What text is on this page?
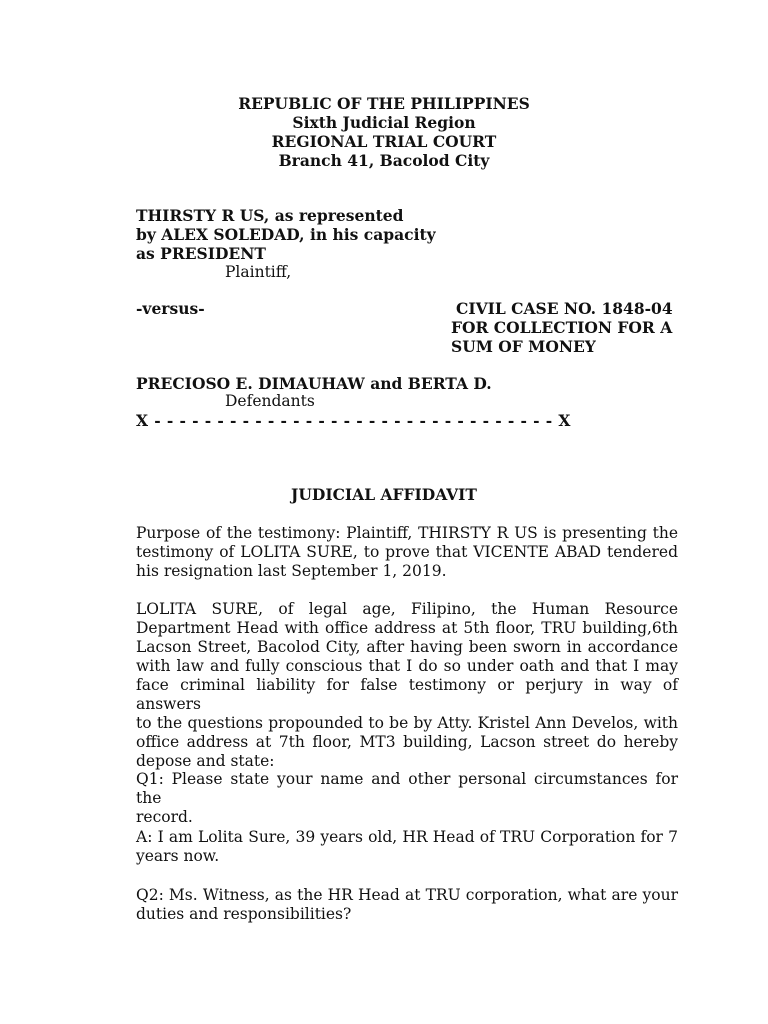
REPUBLIC OF THE PHILIPPINES
Sixth Judicial Region
REGIONAL TRIAL COURT
Branch 41, Bacolod City
THIRSTY R US, as represented
by ALEX SOLEDAD, in his capacity
as PRESIDENT
Plaintiff,
-versus-	CIVIL CASE NO. 1848-04
FOR COLLECTION FOR A
SUM OF MONEY
PRECIOSO E. DIMAUHAW and BERTA D.
Defendants
X - - - - - - - - - - - - - - - - - - - - - - - - - - - - - - - - X
JUDICIAL AFFIDAVIT
Purpose of the testimony: Plaintiff, THIRSTY R US is presenting the
testimony of LOLITA SURE, to prove that VICENTE ABAD tendered
his resignation last September 1, 2019.
LOLITA SURE, of legal age, Filipino, the Human Resource
Department Head with office address at 5th floor, TRU building,6th
Lacson Street, Bacolod City, after having been sworn in accordance
with law and fully conscious that I do so under oath and that I may
face criminal liability for false testimony or perjury in way of answers
to the questions propounded to be by Atty. Kristel Ann Develos, with
office address at 7th floor, MT3 building, Lacson street do hereby
depose and state:
Q1: Please state your name and other personal circumstances for the
record.
A: I am Lolita Sure, 39 years old, HR Head of TRU Corporation for 7
years now.
Q2: Ms. Witness, as the HR Head at TRU corporation, what are your
duties and responsibilities?
